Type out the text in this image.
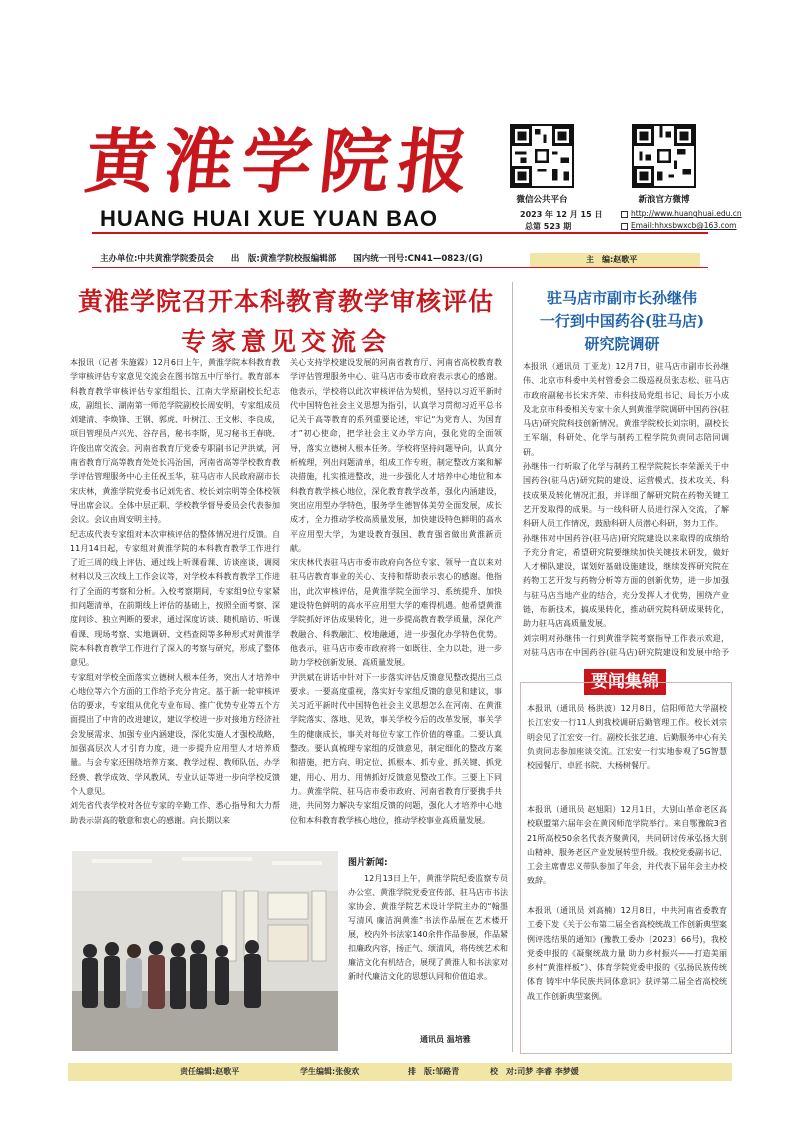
黄淮学院报
HUANG HUAI XUE YUAN BAO
主办单位:中共黄淮学院委员会 出　版:黄淮学院校报编辑部 国内统一刊号:CN41—0823/(G)
微信公共平台	新浪官方微博
2023 年 12 月 15 日
总第 523 期
http://www.huanghuai.edu.cn
Email:hhxsbwxcb@163.com
主　编:赵歌平
黄淮学院召开本科教育教学审核评估
专家意见交流会
本报讯（记者 朱施霖）12月6日上午，黄淮学院本科教育教学审核评估专家意见交流会在图书馆五中厅举行。教育部本科教育教学审核评估专家组组长、江南大学原副校长纪志成，副组长、湖南第一师范学院副校长周安明，专家组成员刘建清、李焕锋、王钢、郭虎、叶树江、王文彬、李良成，项目管理员卢兴光、谷存昌，秘书李斯，见习秘书王春晓、许俊出席交流会。河南省教育厅党委专职副书记尹洪斌，河南省教育厅高等教育处处长冯治国，河南省高等学校教育教学评估管理服务中心主任祝玉华，驻马店市人民政府副市长宋庆林，黄淮学院党委书记刘先省、校长刘宗明等全体校领导出席会议。全体中层正职、学校教学督导委员会代表参加会议。会议由周安明主持。
纪志成代表专家组对本次审核评估的整体情况进行反馈。自11月14日起，专家组对黄淮学院的本科教育教学工作进行了近三周的线上评估、通过线上听课看课、访谈座谈、调阅材料以及三次线上工作会议等，对学校本科教育教学工作进行了全面的考察和分析。入校考察期间，专家组9位专家紧扣问题清单，在前期线上评估的基础上，按照全面考察、深度问诊、独立判断的要求，通过深度访谈、随机暗访、听课看课、现场考察、实地调研、文档查阅等多种形式对黄淮学院本科教育教学工作进行了深入的考察与研究，形成了整体意见。
专家组对学校全面落实立德树人根本任务，突出人才培养中心地位等六个方面的工作给予充分肯定。基于新一轮审核评估的要求，专家组从优化专业布局、推广优势专业等五个方面提出了中肯的改进建议，建议学校进一步对接地方经济社会发展需求、加强专业内涵建设，深化实施人才强校战略，加强高层次人才引育力度，进一步提升应用型人才培养质量。与会专家还围绕培养方案、教学过程、教师队伍、办学经费、教学成效、学风教风、专业认证等进一步向学校反馈个人意见。
刘先省代表学校对各位专家的辛勤工作、悉心指导和大力帮助表示崇高的敬意和衷心的感谢。向长期以来
关心支持学校建设发展的河南省教育厅、河南省高校教育教学评估管理服务中心、驻马店市委市政府表示衷心的感谢。他表示，学校将以此次审核评估为契机，坚持以习近平新时代中国特色社会主义思想为指引，认真学习贯彻习近平总书记关于高等教育的系列重要论述，牢记“为党育人、为国育才”初心使命，把学社会主义办学方向，强化党的全面领导，落实立德树人根本任务。学校将坚持问题导向，认真分析梳理，列出问题清单，组成工作专班，制定整改方案和解决措施，扎实推进整改，进一步强化人才培养中心地位和本科教育教学核心地位，深化教育教学改革，强化内涵建设，突出应用型办学特色，服务学生德智体美劳全面发展，成长成才，全力推动学校高质量发展，加快建设特色鲜明的高水平应用型大学，为建设教育强国、教育强省做出黄淮新贡献。
宋庆林代表驻马店市委市政府向各位专家、领导一直以来对驻马店教育事业的关心、支持和帮助表示衷心的感谢。他指出，此次审核评估，是黄淮学院全面学习、系统提升、加快建设特色鲜明的高水平应用型大学的难得机遇。他希望黄淮学院抓好评估成果转化，进一步提高教育教学质量，深化产教融合、科教融汇、校地融通，进一步强化办学特色优势。他表示，驻马店市委市政府将一如既往、全力以赴，进一步助力学校创新发展、高质量发展。
尹洪斌在讲话中针对下一步落实评估反馈意见整改提出三点要求。一要高度重视，落实好专家组反馈的意见和建议，事关习近平新时代中国特色社会主义思想怎么在河南、在黄淮学院落实、落地、见效，事关学校今后的改革发展，事关学生的健康成长，事关对每位专家工作价值的尊重。二要认真整改。要认真梳理专家组的反馈意见，制定细化的整改方案和措施，把方向、明定位、抓根本、抓专业、抓关键、抓党建，用心、用力、用情抓好反馈意见整改工作。三要上下同力。黄淮学院、驻马店市委市政府、河南省教育厅要携手共进，共同努力解决专家组反馈的问题，强化人才培养中心地位和本科教育教学核心地位，推动学校事业高质量发展。
驻马店市副市长孙继伟
一行到中国药谷(驻马店)
研究院调研
本报讯（通讯员 丁亚龙）12月7日，驻马店市副市长孙继伟、北京市科委中关村管委会二级巡视员张志松、驻马店市政府副秘书长宋齐荣、市科技局党组书记、局长万小成及北京市科委相关专家十余人到黄淮学院调研中国药谷(驻马店)研究院科技创新情况。黄淮学院校长刘宗明，副校长王军瑞，科研处、化学与制药工程学院负责同志陪同调研。
孙继伟一行听取了化学与制药工程学院院长李荣源关于中国药谷(驻马店)研究院的建设、运营模式、技术攻关、科技成果及转化情况汇报，并详细了解研究院在药物关键工艺开发取得的成果。与一线科研人员进行深入交流，了解科研人员工作情况，鼓励科研人员潜心科研，努力工作。
孙继伟对中国药谷(驻马店)研究院建设以来取得的成绩给予充分肯定，希望研究院要继续加快关键技术研发，做好人才梯队建设，谋划好基础设施建设，继续发挥研究院在药物工艺开发与药物分析等方面的创新优势，进一步加强与驻马店当地产业的结合，充分发挥人才优势，围绕产业链，布新技术，搞成果转化，推动研究院科研成果转化，助力驻马店高质量发展。
刘宗明对孙继伟一行到黄淮学院考察指导工作表示欢迎，对驻马店市在中国药谷(驻马店)研究院建设和发展中给予
要闻集锦
本报讯（通讯员 杨洪波）12月8日，信阳师范大学副校长江宏安一行11人到我校调研后勤管理工作。校长刘宗明会见了江宏安一行。副校长张艺迪、后勤服务中心有关负责同志参加座谈交流。江宏安一行实地参观了5G智慧校园餐厅、卓匠书院、大杨树餐厅。
本报讯（通讯员 赵旭阳）12月1日，大别山革命老区高校联盟第六届年会在黄冈师范学院举行。来自鄂豫皖3省21所高校50余名代表齐聚黄冈，共同研讨传承弘扬大别山精神、服务老区产业发展转型升级。我校党委副书记、工会主席曹忠义带队参加了年会，并代表下届年会主办校致辞。
本报讯（通讯员 刘高楠）12月8日，中共河南省委教育工委下发《关于公布第二届全省高校统战工作创新典型案例评选结果的通知》(豫教工委办〔2023〕66号)，我校党委申报的《凝聚统战力量 助力乡村振兴——打造美丽乡村“黄淮样板”》、体育学院党委申报的《弘扬民族传统体育 铸牢中华民族共同体意识》获评第二届全省高校统战工作创新典型案例。
图片新闻:
12月13日上午，黄淮学院纪委监察专员办公室、黄淮学院党委宣传部、驻马店市书法家协会、黄淮学院艺术设计学院主办的“翰墨写清风 廉洁润黄淮”书法作品展在艺术楼开展，校内外书法家140余件作品参展，作品紧扣廉政内容，扬正气、颂清风，将传统艺术和廉洁文化有机结合，展现了黄淮人和书法家对新时代廉洁文化的思想认同和价值追求。
通讯员 温培雅
责任编辑:赵歌平	学生编辑:张俊欢	排　版:邹路青	校　对:司梦 李睿 李梦媛
